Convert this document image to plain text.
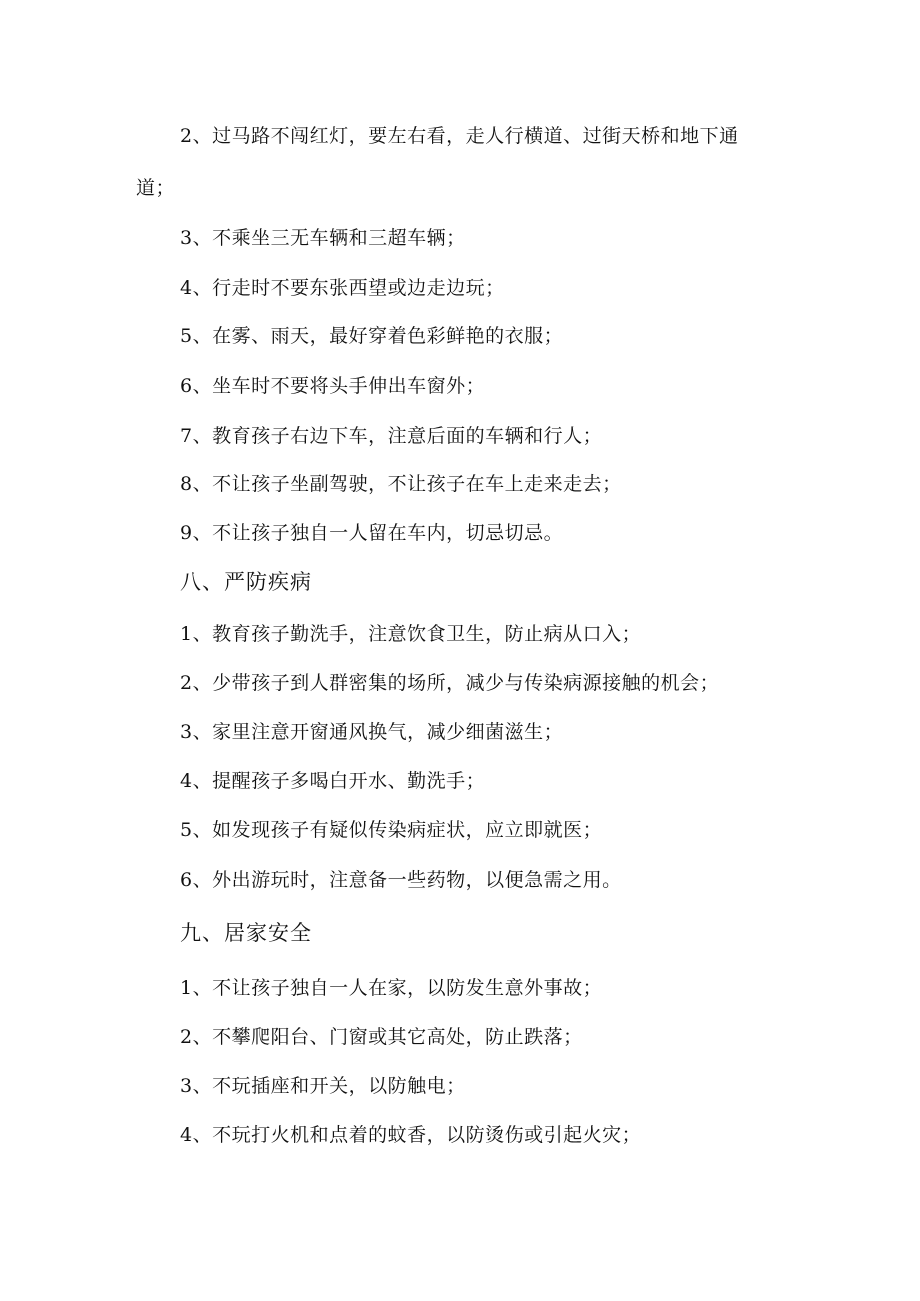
2、过马路不闯红灯，要左右看，走人行横道、过街天桥和地下通
道；
3、不乘坐三无车辆和三超车辆；
4、行走时不要东张西望或边走边玩；
5、在雾、雨天，最好穿着色彩鲜艳的衣服；
6、坐车时不要将头手伸出车窗外；
7、教育孩子右边下车，注意后面的车辆和行人；
8、不让孩子坐副驾驶，不让孩子在车上走来走去；
9、不让孩子独自一人留在车内，切忌切忌。
八、严防疾病
1、教育孩子勤洗手，注意饮食卫生，防止病从口入；
2、少带孩子到人群密集的场所，减少与传染病源接触的机会；
3、家里注意开窗通风换气，减少细菌滋生；
4、提醒孩子多喝白开水、勤洗手；
5、如发现孩子有疑似传染病症状，应立即就医；
6、外出游玩时，注意备一些药物，以便急需之用。
九、居家安全
1、不让孩子独自一人在家，以防发生意外事故；
2、不攀爬阳台、门窗或其它高处，防止跌落；
3、不玩插座和开关，以防触电；
4、不玩打火机和点着的蚊香，以防烫伤或引起火灾；
